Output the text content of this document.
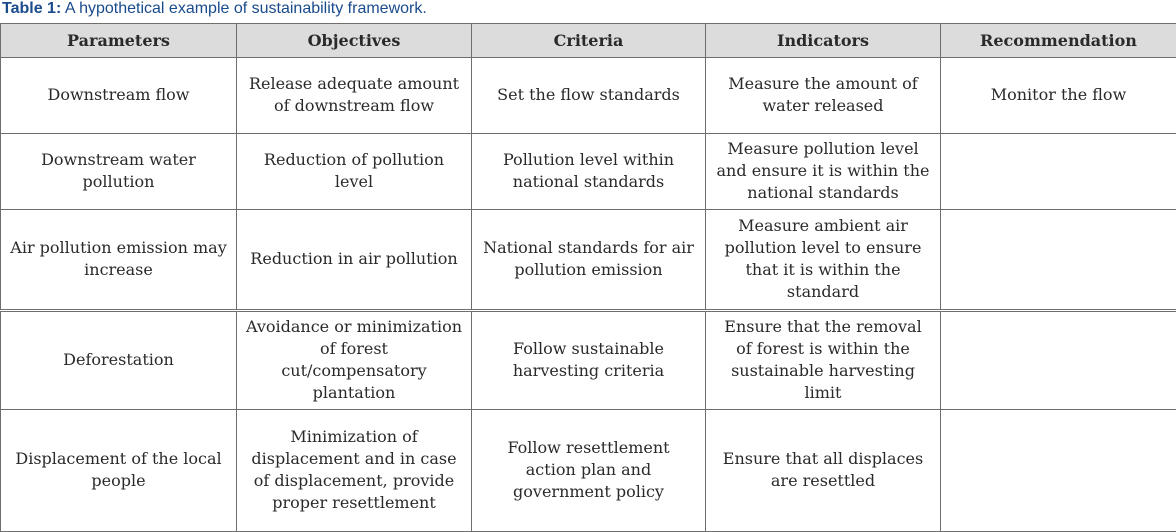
Table 1: A hypothetical example of sustainability framework.
Parameters	Objectives	Criteria	Indicators	Recommendation
Downstream flow	Release adequate amount of downstream flow	Set the flow standards	Measure the amount of water released	Monitor the flow
Downstream water pollution	Reduction of pollution level	Pollution level within national standards	Measure pollution level and ensure it is within the national standards	
Air pollution emission may increase	Reduction in air pollution	National standards for air pollution emission	Measure ambient air pollution level to ensure that it is within the standard	
Deforestation	Avoidance or minimization of forest cut/compensatory plantation	Follow sustainable harvesting criteria	Ensure that the removal of forest is within the sustainable harvesting limit	
Displacement of the local people	Minimization of displacement and in case of displacement, provide proper resettlement	Follow resettlement action plan and government policy	Ensure that all displaces are resettled	
